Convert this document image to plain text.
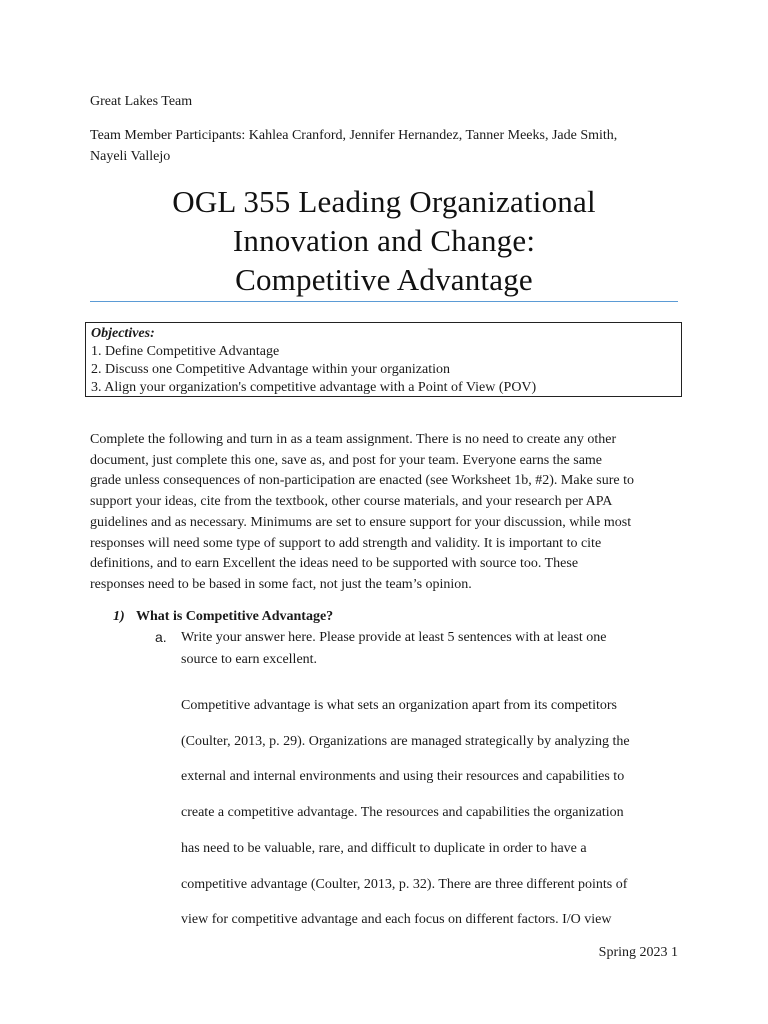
Great Lakes Team
Team Member Participants: Kahlea Cranford, Jennifer Hernandez, Tanner Meeks, Jade Smith,
Nayeli Vallejo
OGL 355 Leading Organizational
Innovation and Change:
Competitive Advantage
Objectives:
1. Define Competitive Advantage
2. Discuss one Competitive Advantage within your organization
3. Align your organization's competitive advantage with a Point of View (POV)
Complete the following and turn in as a team assignment. There is no need to create any other
document, just complete this one, save as, and post for your team. Everyone earns the same
grade unless consequences of non-participation are enacted (see Worksheet 1b, #2). Make sure to
support your ideas, cite from the textbook, other course materials, and your research per APA
guidelines and as necessary. Minimums are set to ensure support for your discussion, while most
responses will need some type of support to add strength and validity. It is important to cite
definitions, and to earn Excellent the ideas need to be supported with source too. These
responses need to be based in some fact, not just the team’s opinion.
1) What is Competitive Advantage?
a. Write your answer here. Please provide at least 5 sentences with at least one
source to earn excellent.
Competitive advantage is what sets an organization apart from its competitors
(Coulter, 2013, p. 29). Organizations are managed strategically by analyzing the
external and internal environments and using their resources and capabilities to
create a competitive advantage. The resources and capabilities the organization
has need to be valuable, rare, and difficult to duplicate in order to have a
competitive advantage (Coulter, 2013, p. 32). There are three different points of
view for competitive advantage and each focus on different factors. I/O view
Spring 2023 1
